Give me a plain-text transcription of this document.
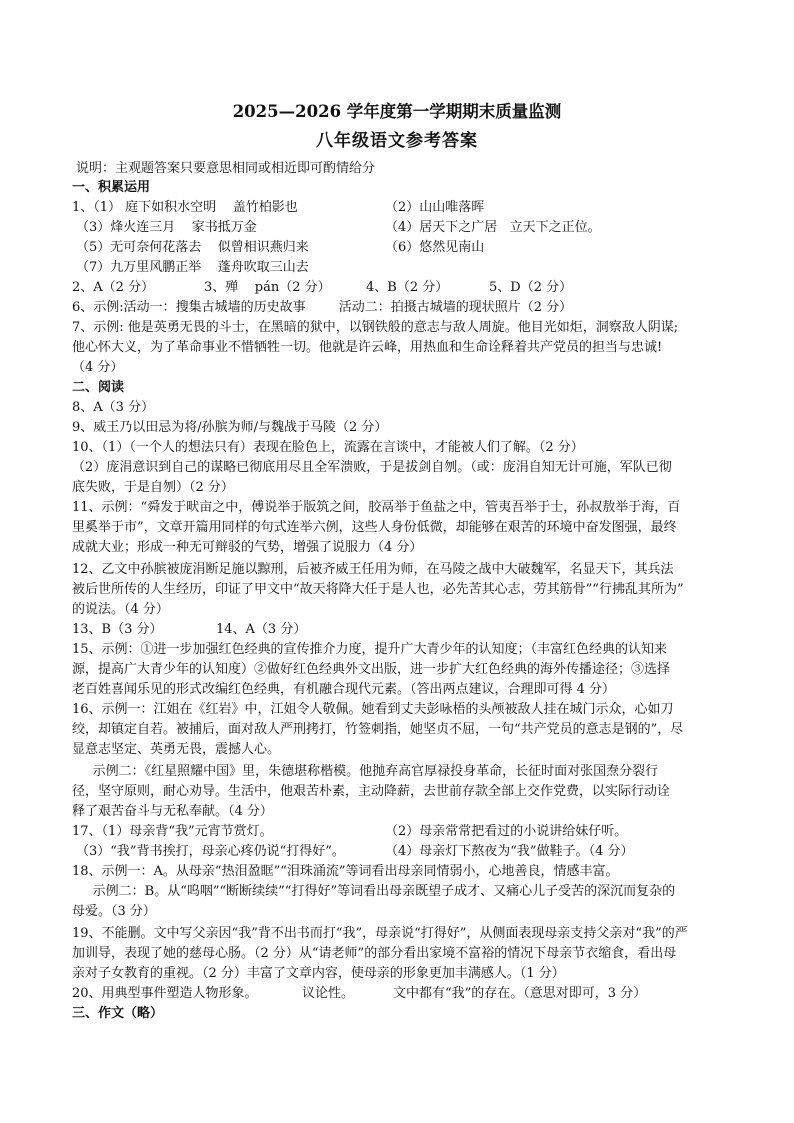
2025—2026 学年度第一学期期末质量监测
八年级语文参考答案
说明：主观题答案只要意思相同或相近即可酌情给分
一、积累运用
1、（1） 庭下如积水空明    盖竹柏影也	（2）山山唯落晖
（3）烽火连三月    家书抵万金	（4）居天下之广居   立天下之正位。
（5）无可奈何花落去    似曾相识燕归来	（6）悠然见南山
（7）九万里风鹏正举    蓬舟吹取三山去
2、A（2 分）	3、殚    pán（2 分）	4、B（2 分）	5、D（2 分）
6、示例:活动一：搜集古城墙的历史故事        活动二：拍摄古城墙的现状照片（2 分）
7、示例: 他是英勇无畏的斗士，在黑暗的狱中，以钢铁般的意志与敌人周旋。他目光如炬，洞察敌人阴谋;
他心怀大义，为了革命事业不惜牺牲一切。他就是许云峰，用热血和生命诠释着共产党员的担当与忠诚!
（4 分）
二、阅读
8、A（3 分）
9、威王乃以田忌为将/孙膑为师/与魏战于马陵（2 分）
10、（1）（一个人的想法只有）表现在脸色上，流露在言谈中，才能被人们了解。（2 分）
（2）庞涓意识到自己的谋略已彻底用尽且全军溃败，于是拔剑自刎。（或：庞涓自知无计可施，军队已彻
底失败，于是自刎）（2 分）
11、示例：“舜发于畎亩之中，傅说举于版筑之间，胶鬲举于鱼盐之中，管夷吾举于士，孙叔敖举于海，百
里奚举于市”，文章开篇用同样的句式连举六例，这些人身份低微，却能够在艰苦的环境中奋发图强，最终
成就大业；形成一种无可辩驳的气势，增强了说服力（4 分）
12、乙文中孙膑被庞涓断足施以黥刑，后被齐威王任用为师，在马陵之战中大破魏军，名显天下，其兵法
被后世所传的人生经历，印证了甲文中“故天将降大任于是人也，必先苦其心志，劳其筋骨”“行拂乱其所为”
的说法。（4 分）
13、B（3 分）	14、A（3 分）
15、示例：①进一步加强红色经典的宣传推介力度，提升广大青少年的认知度；（丰富红色经典的认知来
源，提高广大青少年的认知度）②做好红色经典外文出版，进一步扩大红色经典的海外传播途径；③选择
老百姓喜闻乐见的形式改编红色经典，有机融合现代元素。（答出两点建议，合理即可得 4 分）
16、示例一：江姐在《红岩》中，江姐令人敬佩。她看到丈夫彭咏梧的头颅被敌人挂在城门示众，心如刀
绞，却镇定自若。被捕后，面对敌人严刑拷打，竹签刺指，她坚贞不屈，一句“共产党员的意志是钢的”，尽
显意志坚定、英勇无畏，震撼人心。
示例二：《红星照耀中国》里，朱德堪称楷模。他抛弃高官厚禄投身革命，长征时面对张国焘分裂行
径，坚守原则，耐心劝导。生活中，他艰苦朴素，主动降薪，去世前存款全部上交作党费，以实际行动诠
释了艰苦奋斗与无私奉献。（4 分）
17、（1）母亲背“我”元宵节赏灯。	（2）母亲常常把看过的小说讲给妹仔听。
（3）“我”背书挨打，母亲心疼仍说“打得好”。	（4）母亲灯下熬夜为“我”做鞋子。（4 分）
18、示例一：A。从母亲“热泪盈眶”“泪珠涌流”等词看出母亲同情弱小，心地善良，情感丰富。
示例二：B。从“呜咽”“断断续续”“打得好”等词看出母亲既望子成才、又痛心儿子受苦的深沉而复杂的
母爱。（3 分）
19、不能删。文中写父亲因“我”背不出书而打“我”，母亲说“打得好”，从侧面表现母亲支持父亲对“我”的严
加训导，表现了她的慈母心肠。（2 分）从“请老师”的部分看出家境不富裕的情况下母亲节衣缩食，看出母
亲对子女教育的重视。（2 分）丰富了文章内容，使母亲的形象更加丰满感人。（1 分）
20、用典型事件塑造人物形象。	议论性。	文中都有“我”的存在。（意思对即可，3 分）
三、作文（略）
